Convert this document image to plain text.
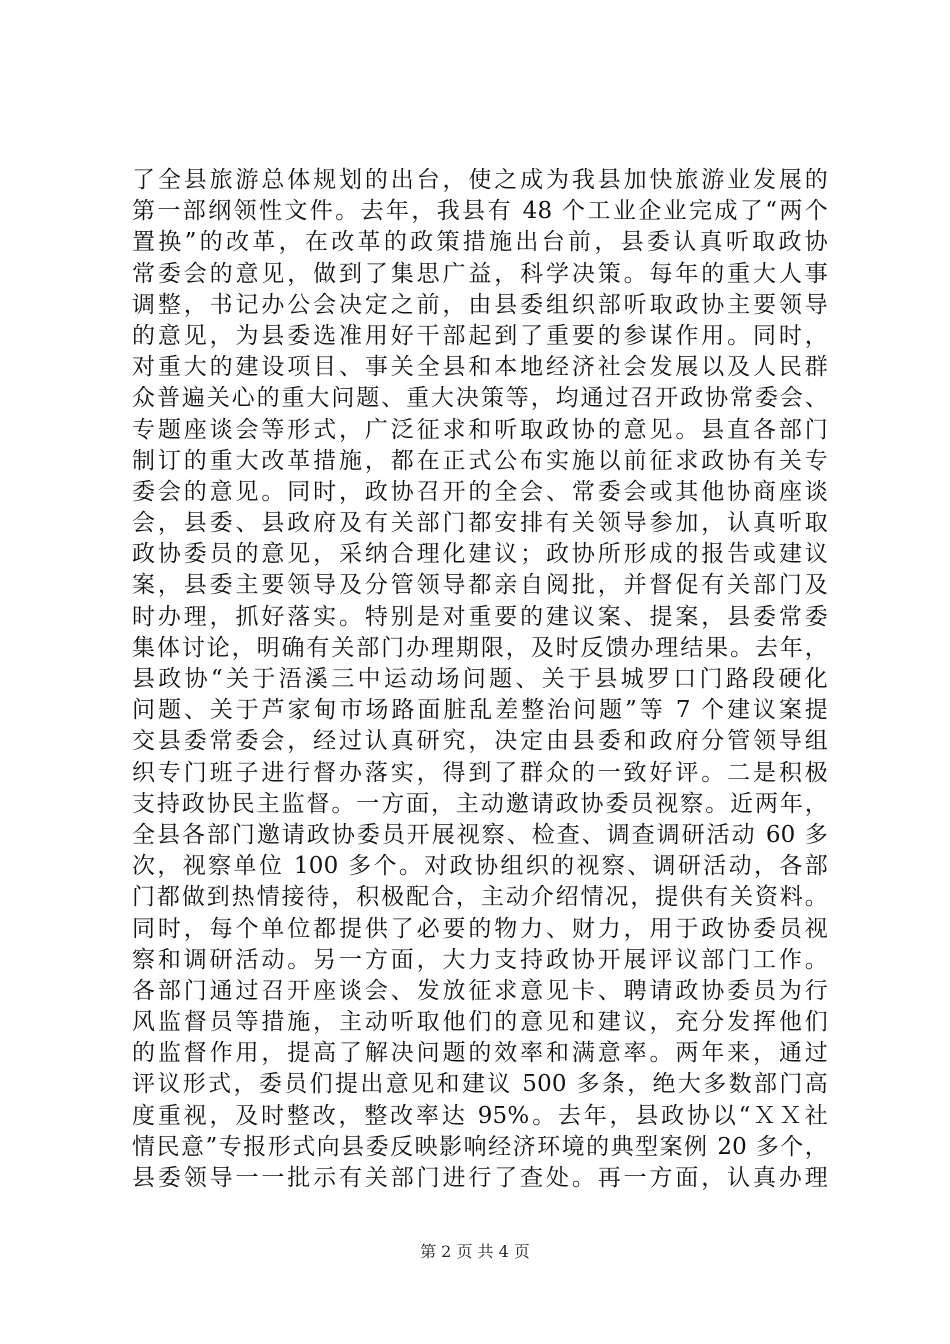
了全县旅游总体规划的出台，使之成为我县加快旅游业发展的
第一部纲领性文件。去年，我县有 48 个工业企业完成了“两个
置换”的改革，在改革的政策措施出台前，县委认真听取政协
常委会的意见，做到了集思广益，科学决策。每年的重大人事
调整，书记办公会决定之前，由县委组织部听取政协主要领导
的意见，为县委选准用好干部起到了重要的参谋作用。同时，
对重大的建设项目、事关全县和本地经济社会发展以及人民群
众普遍关心的重大问题、重大决策等，均通过召开政协常委会、
专题座谈会等形式，广泛征求和听取政协的意见。县直各部门
制订的重大改革措施，都在正式公布实施以前征求政协有关专
委会的意见。同时，政协召开的全会、常委会或其他协商座谈
会，县委、县政府及有关部门都安排有关领导参加，认真听取
政协委员的意见，采纳合理化建议；政协所形成的报告或建议
案，县委主要领导及分管领导都亲自阅批，并督促有关部门及
时办理，抓好落实。特别是对重要的建议案、提案，县委常委
集体讨论，明确有关部门办理期限，及时反馈办理结果。去年，
县政协“关于浯溪三中运动场问题、关于县城罗口门路段硬化
问题、关于芦家甸市场路面脏乱差整治问题”等 7 个建议案提
交县委常委会，经过认真研究，决定由县委和政府分管领导组
织专门班子进行督办落实，得到了群众的一致好评。二是积极
支持政协民主监督。一方面，主动邀请政协委员视察。近两年，
全县各部门邀请政协委员开展视察、检查、调查调研活动 60 多
次，视察单位 100 多个。对政协组织的视察、调研活动，各部
门都做到热情接待，积极配合，主动介绍情况，提供有关资料。
同时，每个单位都提供了必要的物力、财力，用于政协委员视
察和调研活动。另一方面，大力支持政协开展评议部门工作。
各部门通过召开座谈会、发放征求意见卡、聘请政协委员为行
风监督员等措施，主动听取他们的意见和建议，充分发挥他们
的监督作用，提高了解决问题的效率和满意率。两年来，通过
评议形式，委员们提出意见和建议 500 多条，绝大多数部门高
度重视，及时整改，整改率达 95%。去年，县政协以“ＸＸ社
情民意”专报形式向县委反映影响经济环境的典型案例 20 多个，
县委领导一一批示有关部门进行了查处。再一方面，认真办理
第 2 页 共 4 页
